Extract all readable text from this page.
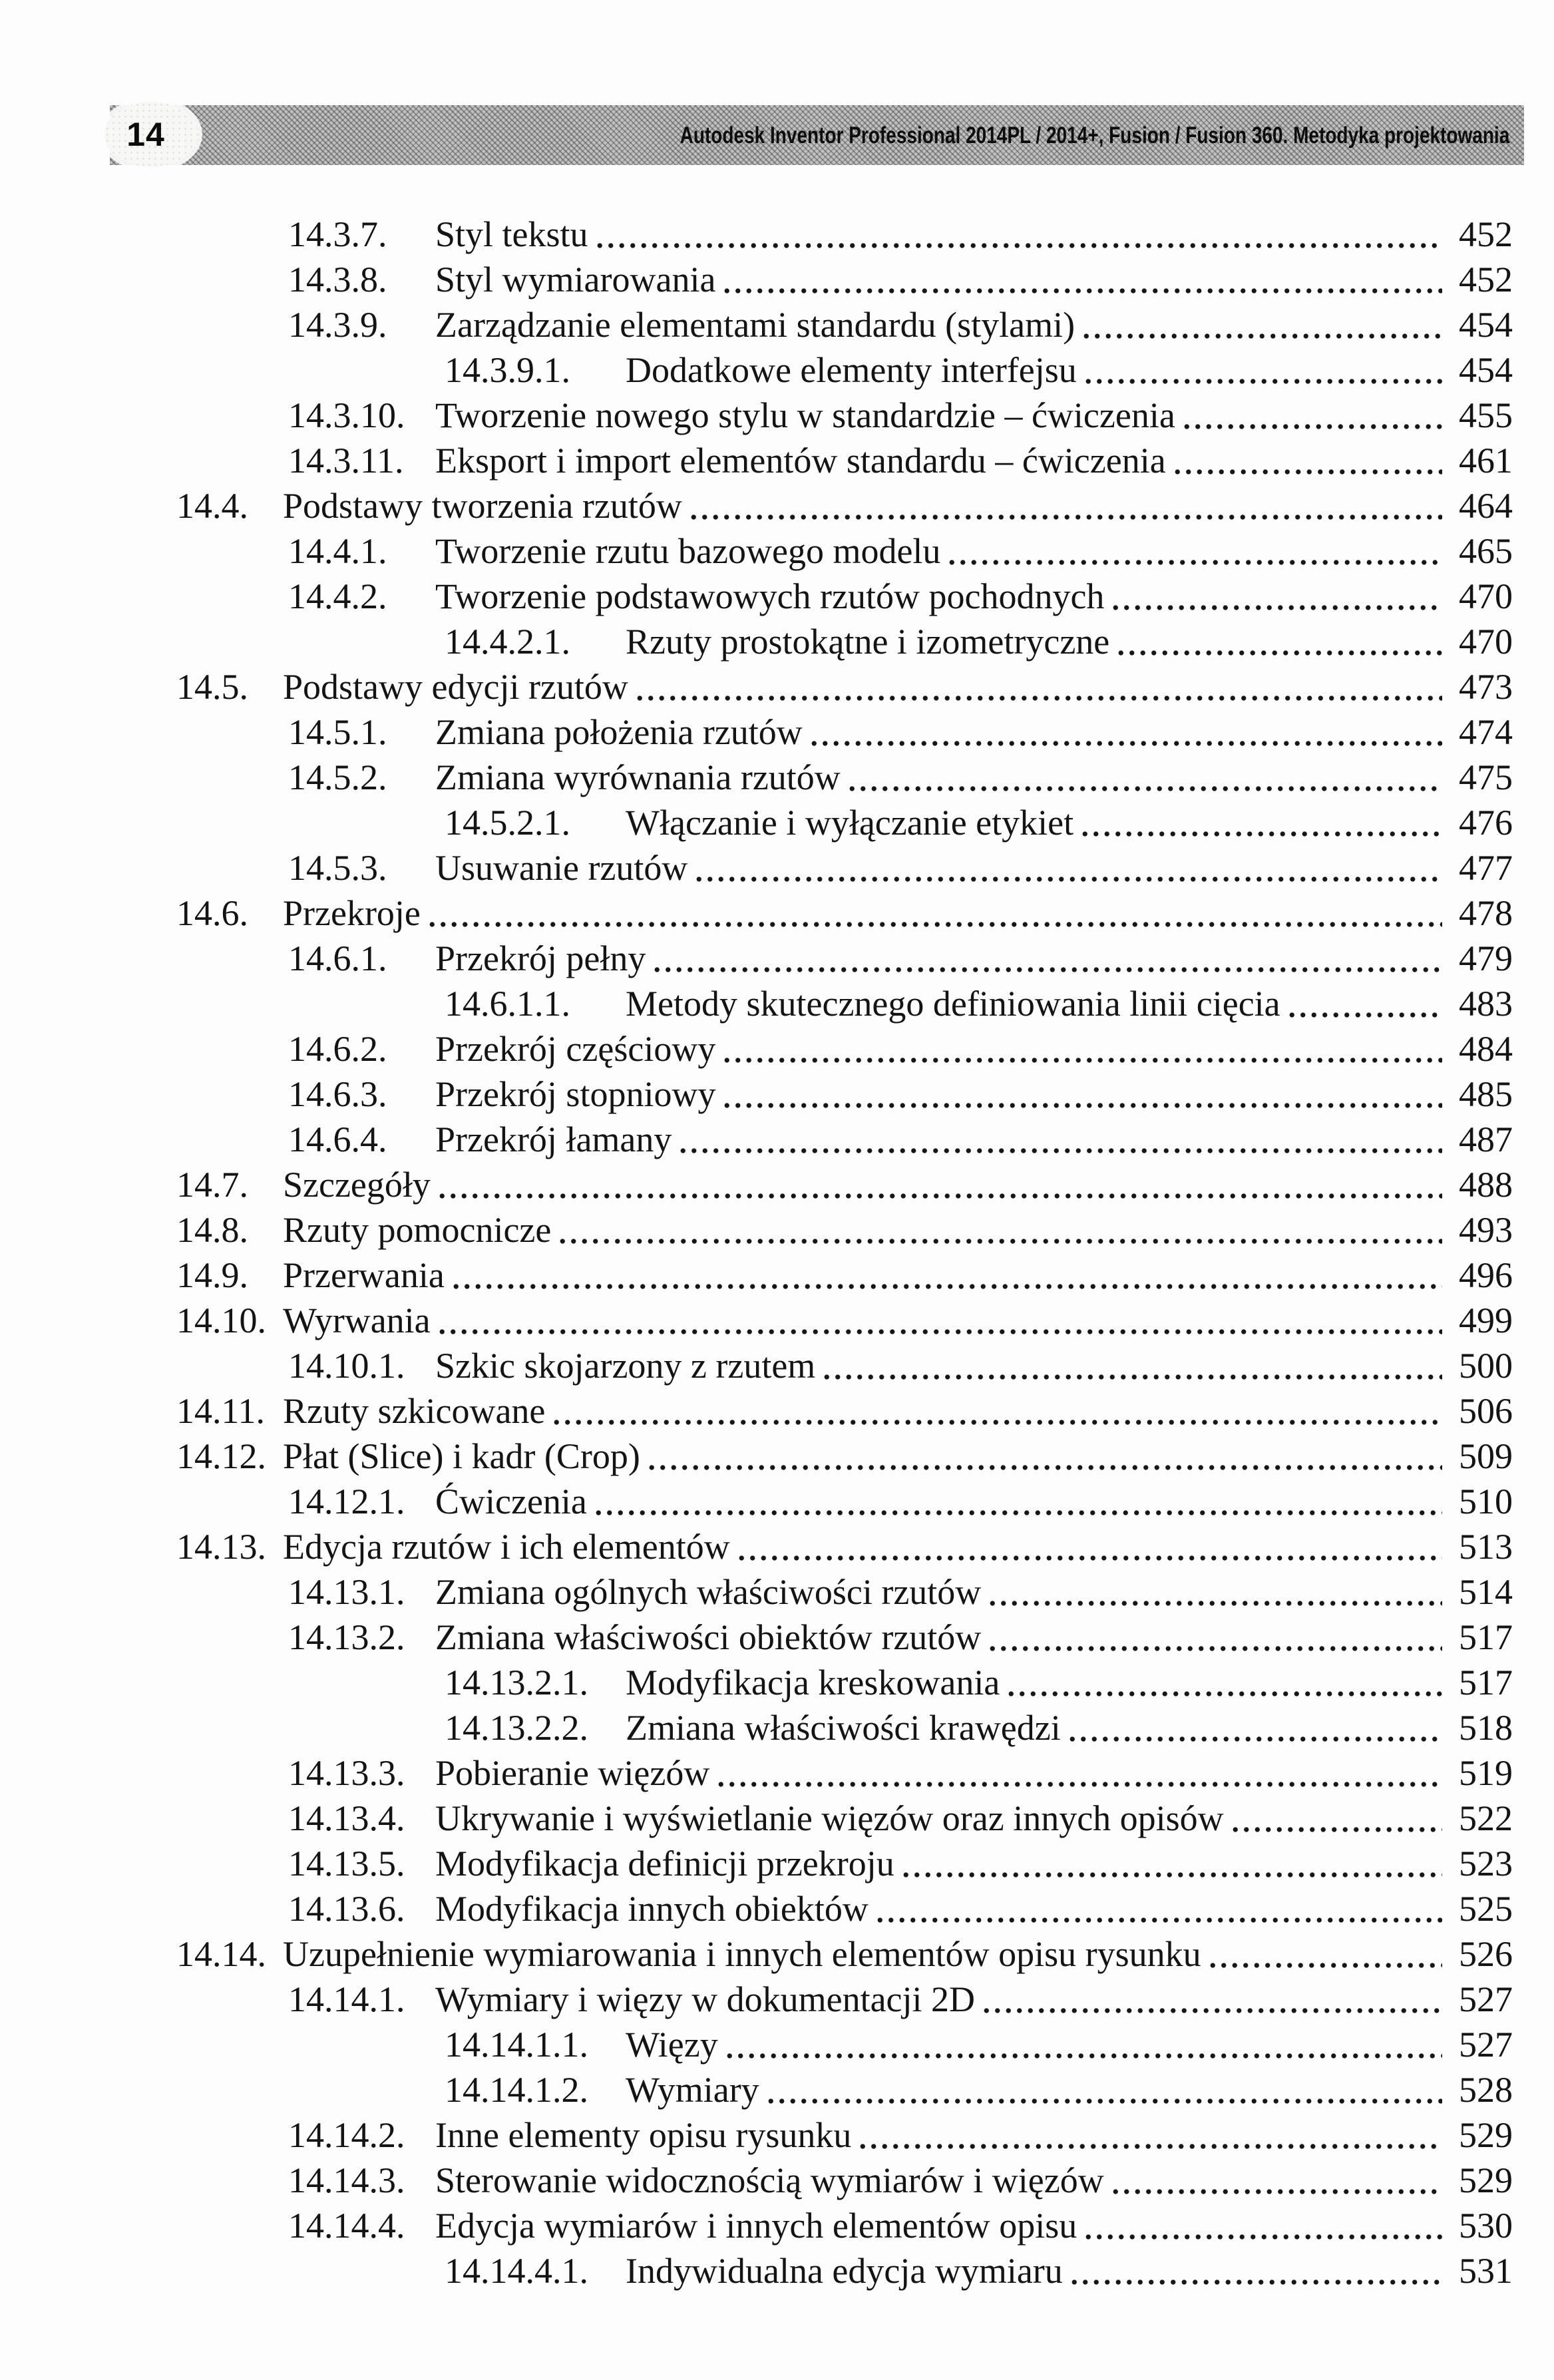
Autodesk Inventor Professional 2014PL / 2014+, Fusion / Fusion 360. Metodyka projektowania
14
14.3.7.	Styl tekstu	452
14.3.8.	Styl wymiarowania	452
14.3.9.	Zarządzanie elementami standardu (stylami)	454
14.3.9.1.	Dodatkowe elementy interfejsu	454
14.3.10. Tworzenie nowego stylu w standardzie – ćwiczenia	455
14.3.11. Eksport i import elementów standardu – ćwiczenia	461
14.4. Podstawy tworzenia rzutów	464
14.4.1.	Tworzenie rzutu bazowego modelu	465
14.4.2.	Tworzenie podstawowych rzutów pochodnych	470
14.4.2.1.	Rzuty prostokątne i izometryczne	470
14.5. Podstawy edycji rzutów	473
14.5.1.	Zmiana położenia rzutów	474
14.5.2.	Zmiana wyrównania rzutów	475
14.5.2.1.	Włączanie i wyłączanie etykiet	476
14.5.3.	Usuwanie rzutów	477
14.6. Przekroje	478
14.6.1.	Przekrój pełny	479
14.6.1.1.	Metody skutecznego definiowania linii cięcia	483
14.6.2.	Przekrój częściowy	484
14.6.3.	Przekrój stopniowy	485
14.6.4.	Przekrój łamany	487
14.7. Szczegóły	488
14.8. Rzuty pomocnicze	493
14.9. Przerwania	496
14.10. Wyrwania	499
14.10.1. Szkic skojarzony z rzutem	500
14.11. Rzuty szkicowane	506
14.12. Płat (Slice) i kadr (Crop)	509
14.12.1. Ćwiczenia	510
14.13. Edycja rzutów i ich elementów	513
14.13.1. Zmiana ogólnych właściwości rzutów	514
14.13.2. Zmiana właściwości obiektów rzutów	517
14.13.2.1.	Modyfikacja kreskowania	517
14.13.2.2.	Zmiana właściwości krawędzi	518
14.13.3. Pobieranie więzów	519
14.13.4. Ukrywanie i wyświetlanie więzów oraz innych opisów	522
14.13.5. Modyfikacja definicji przekroju	523
14.13.6. Modyfikacja innych obiektów	525
14.14. Uzupełnienie wymiarowania i innych elementów opisu rysunku	526
14.14.1. Wymiary i więzy w dokumentacji 2D	527
14.14.1.1.	Więzy	527
14.14.1.2.	Wymiary	528
14.14.2. Inne elementy opisu rysunku	529
14.14.3. Sterowanie widocznością wymiarów i więzów	529
14.14.4. Edycja wymiarów i innych elementów opisu	530
14.14.4.1.	Indywidualna edycja wymiaru	531
